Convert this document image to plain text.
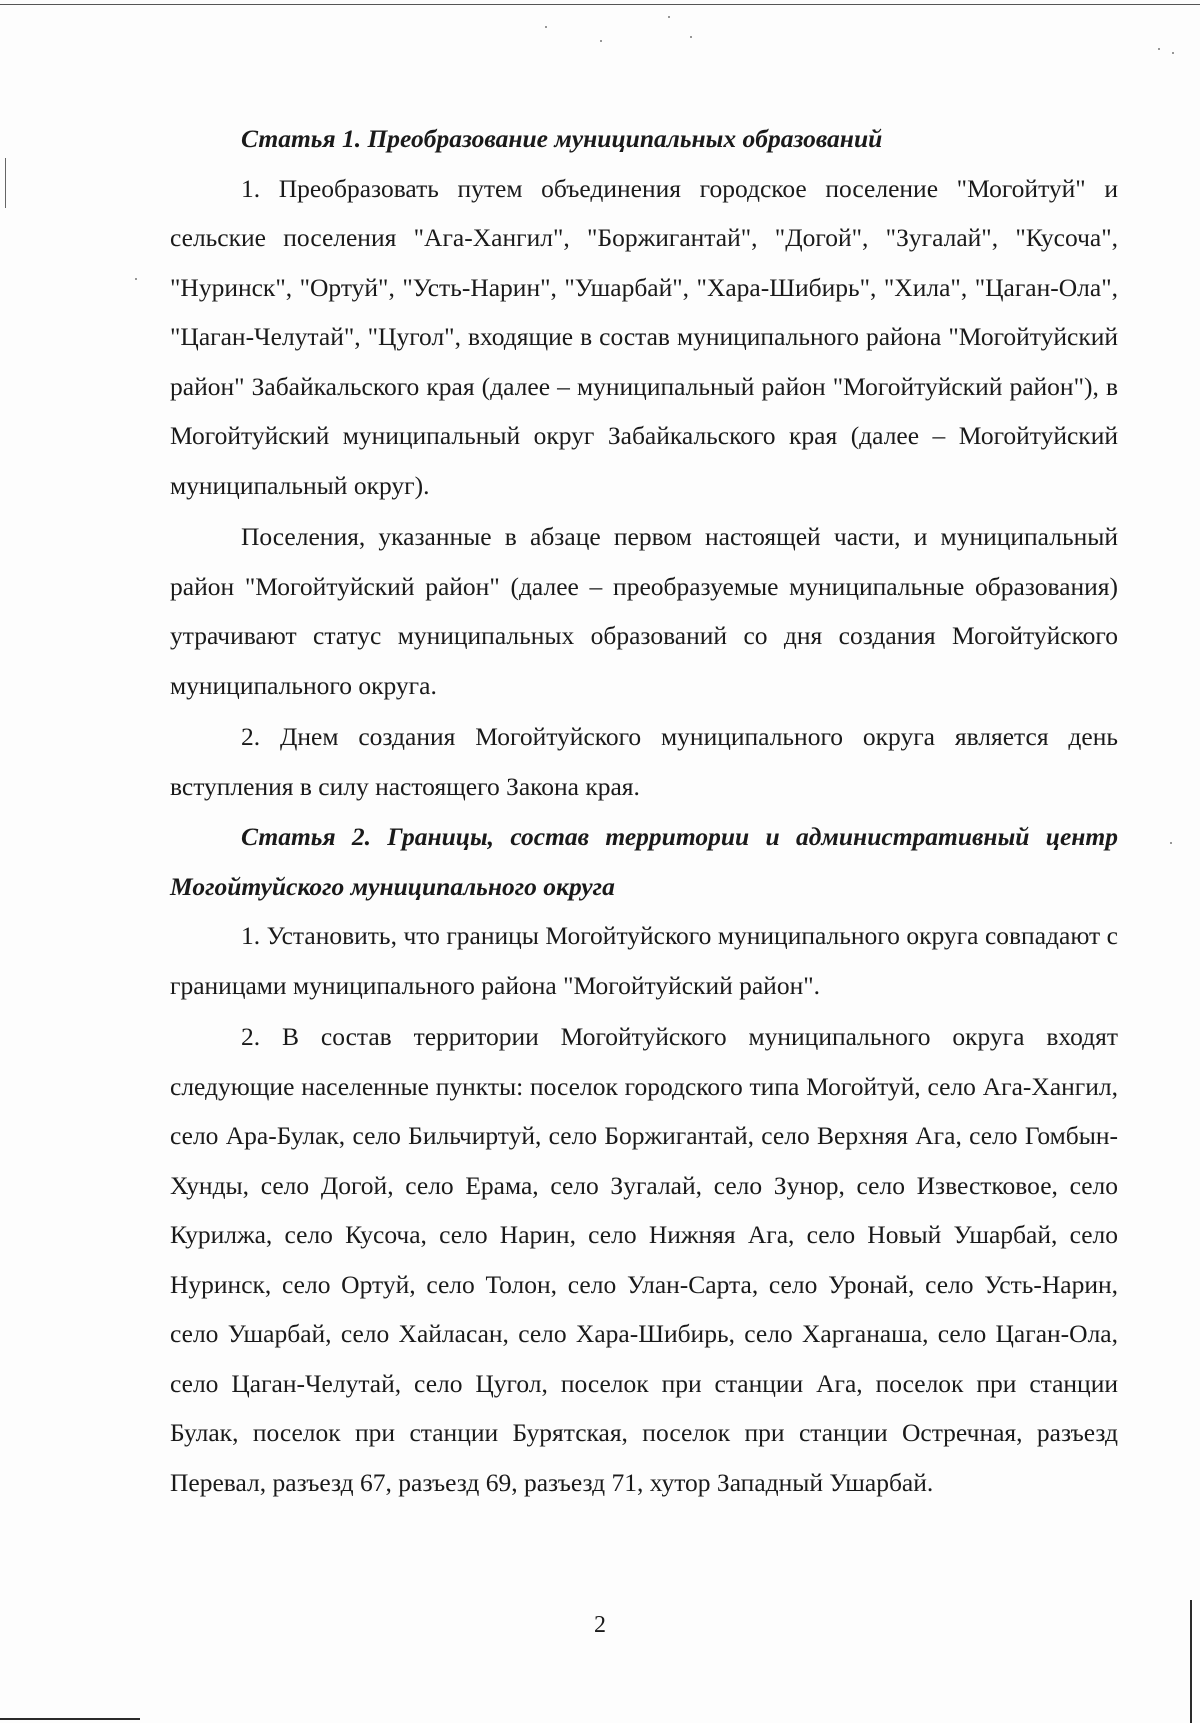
Статья 1. Преобразование муниципальных образований

1. Преобразовать путем объединения городское поселение "Могойтуй" и сельские поселения "Ага-Хангил", "Боржигантай", "Догой", "Зугалай", "Кусоча", "Нуринск", "Ортуй", "Усть-Нарин", "Ушарбай", "Хара-Шибирь", "Хила", "Цаган-Ола", "Цаган-Челутай", "Цугол", входящие в состав муниципального района "Могойтуйский район" Забайкальского края (далее – муниципальный район "Могойтуйский район"), в Могойтуйский муниципальный округ Забайкальского края (далее – Могойтуйский муниципальный округ).

Поселения, указанные в абзаце первом настоящей части, и муниципальный район "Могойтуйский район" (далее – преобразуемые муниципальные образования) утрачивают статус муниципальных образований со дня создания Могойтуйского муниципального округа.

2. Днем создания Могойтуйского муниципального округа является день вступления в силу настоящего Закона края.

Статья 2. Границы, состав территории и административный центр Могойтуйского муниципального округа

1. Установить, что границы Могойтуйского муниципального округа совпадают с границами муниципального района "Могойтуйский район".

2. В состав территории Могойтуйского муниципального округа входят следующие населенные пункты: поселок городского типа Могойтуй, село Ага-Хангил, село Ара-Булак, село Бильчиртуй, село Боржигантай, село Верхняя Ага, село Гомбын-Хунды, село Догой, село Ерама, село Зугалай, село Зунор, село Известковое, село Курилжа, село Кусоча, село Нарин, село Нижняя Ага, село Новый Ушарбай, село Нуринск, село Ортуй, село Толон, село Улан-Сарта, село Уронай, село Усть-Нарин, село Ушарбай, село Хайласан, село Хара-Шибирь, село Харганаша, село Цаган-Ола, село Цаган-Челутай, село Цугол, поселок при станции Ага, поселок при станции Булак, поселок при станции Бурятская, поселок при станции Остречная, разъезд Перевал, разъезд 67, разъезд 69, разъезд 71, хутор Западный Ушарбай.

2
